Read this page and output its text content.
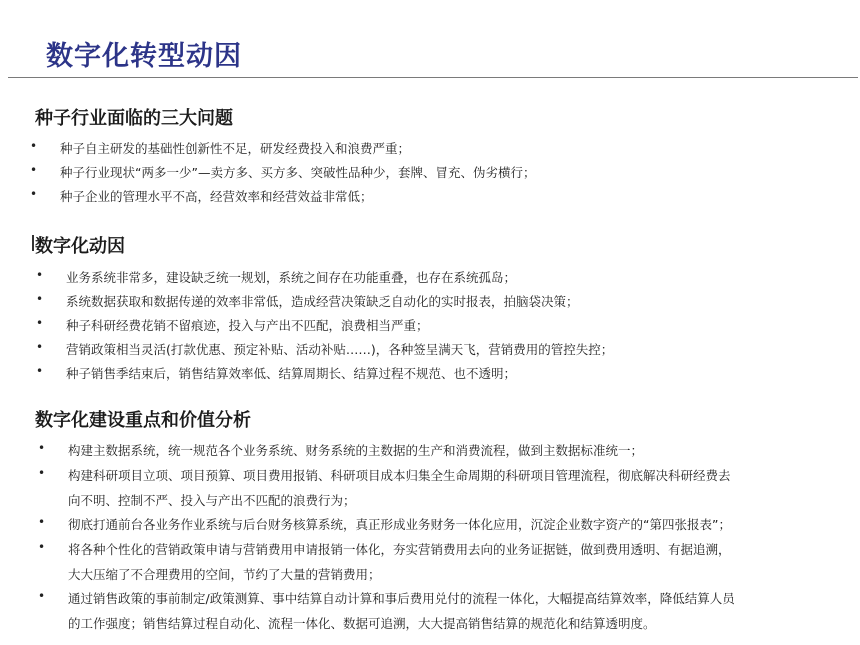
数字化转型动因
种子行业面临的三大问题
• 种子自主研发的基础性创新性不足，研发经费投入和浪费严重；
• 种子行业现状“两多一少”—卖方多、买方多、突破性品种少，套牌、冒充、伪劣横行；
• 种子企业的管理水平不高，经营效率和经营效益非常低；
数字化动因
• 业务系统非常多，建设缺乏统一规划，系统之间存在功能重叠，也存在系统孤岛；
• 系统数据获取和数据传递的效率非常低，造成经营决策缺乏自动化的实时报表，拍脑袋决策；
• 种子科研经费花销不留痕迹，投入与产出不匹配，浪费相当严重；
• 营销政策相当灵活(打款优惠、预定补贴、活动补贴……)，各种签呈满天飞，营销费用的管控失控；
• 种子销售季结束后，销售结算效率低、结算周期长、结算过程不规范、也不透明；
数字化建设重点和价值分析
• 构建主数据系统，统一规范各个业务系统、财务系统的主数据的生产和消费流程，做到主数据标准统一；
• 构建科研项目立项、项目预算、项目费用报销、科研项目成本归集全生命周期的科研项目管理流程，彻底解决科研经费去
向不明、控制不严、投入与产出不匹配的浪费行为；
• 彻底打通前台各业务作业系统与后台财务核算系统，真正形成业务财务一体化应用，沉淀企业数字资产的“第四张报表”；
• 将各种个性化的营销政策申请与营销费用申请报销一体化，夯实营销费用去向的业务证据链，做到费用透明、有据追溯，
大大压缩了不合理费用的空间，节约了大量的营销费用；
• 通过销售政策的事前制定/政策测算、事中结算自动计算和事后费用兑付的流程一体化，大幅提高结算效率，降低结算人员
的工作强度；销售结算过程自动化、流程一体化、数据可追溯，大大提高销售结算的规范化和结算透明度。
